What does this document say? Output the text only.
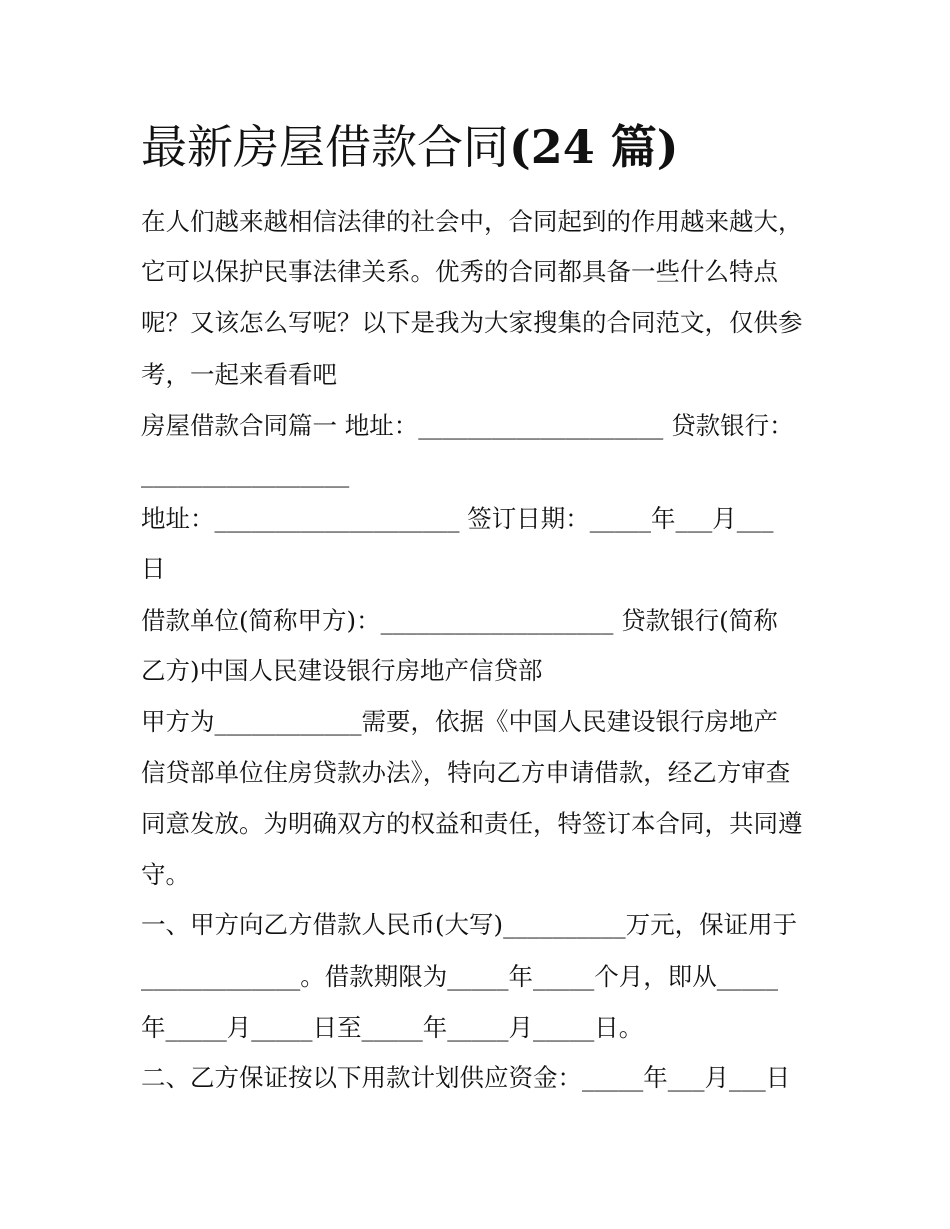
最新房屋借款合同(24 篇)
在人们越来越相信法律的社会中，合同起到的作用越来越大，
它可以保护民事法律关系。优秀的合同都具备一些什么特点
呢？又该怎么写呢？以下是我为大家搜集的合同范文，仅供参
考，一起来看看吧
房屋借款合同篇一 地址：____________________ 贷款银行：
_________________
地址：____________________ 签订日期：_____年___月___
日
借款单位(简称甲方)：___________________ 贷款银行(简称
乙方)中国人民建设银行房地产信贷部
甲方为____________需要，依据《中国人民建设银行房地产
信贷部单位住房贷款办法》，特向乙方申请借款，经乙方审查
同意发放。为明确双方的权益和责任，特签订本合同，共同遵
守。
一、甲方向乙方借款人民币(大写)__________万元，保证用于
_____________。借款期限为_____年_____个月，即从_____
年_____月_____日至_____年_____月_____日。
二、乙方保证按以下用款计划供应资金：_____年___月___日
